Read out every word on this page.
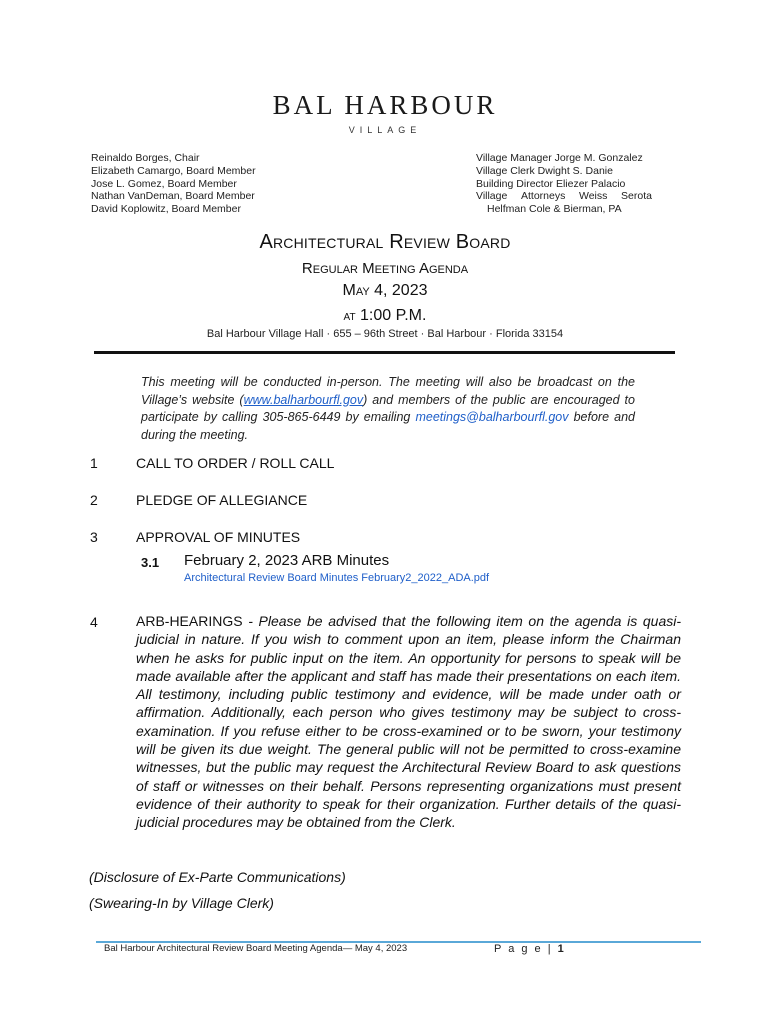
BAL HARBOUR
VILLAGE
Reinaldo Borges, Chair
Elizabeth Camargo, Board Member
Jose L. Gomez, Board Member
Nathan VanDeman, Board Member
David Koplowitz, Board Member
Village Manager Jorge M. Gonzalez
Village Clerk Dwight S. Danie
Building Director Eliezer Palacio
Village Attorneys Weiss Serota
Helfman Cole & Bierman, PA
Architectural Review Board
Regular Meeting Agenda
May 4, 2023
at 1:00 P.M.
Bal Harbour Village Hall · 655 – 96th Street · Bal Harbour · Florida 33154
This meeting will be conducted in-person. The meeting will also be broadcast on the Village’s website (www.balharbourfl.gov) and members of the public are encouraged to participate by calling 305-865-6449 by emailing meetings@balharbourfl.gov before and during the meeting.
1	CALL TO ORDER / ROLL CALL
2	PLEDGE OF ALLEGIANCE
3	APPROVAL OF MINUTES
3.1 February 2, 2023 ARB Minutes
Architectural Review Board Minutes February2_2022_ADA.pdf
4	ARB-HEARINGS - Please be advised that the following item on the agenda is quasi-judicial in nature. If you wish to comment upon an item, please inform the Chairman when he asks for public input on the item. An opportunity for persons to speak will be made available after the applicant and staff has made their presentations on each item. All testimony, including public testimony and evidence, will be made under oath or affirmation. Additionally, each person who gives testimony may be subject to cross-examination. If you refuse either to be cross-examined or to be sworn, your testimony will be given its due weight. The general public will not be permitted to cross-examine witnesses, but the public may request the Architectural Review Board to ask questions of staff or witnesses on their behalf. Persons representing organizations must present evidence of their authority to speak for their organization. Further details of the quasi-judicial procedures may be obtained from the Clerk.
(Disclosure of Ex-Parte Communications)
(Swearing-In by Village Clerk)
Bal Harbour Architectural Review Board Meeting Agenda— May 4, 2023	P a g e | 1
